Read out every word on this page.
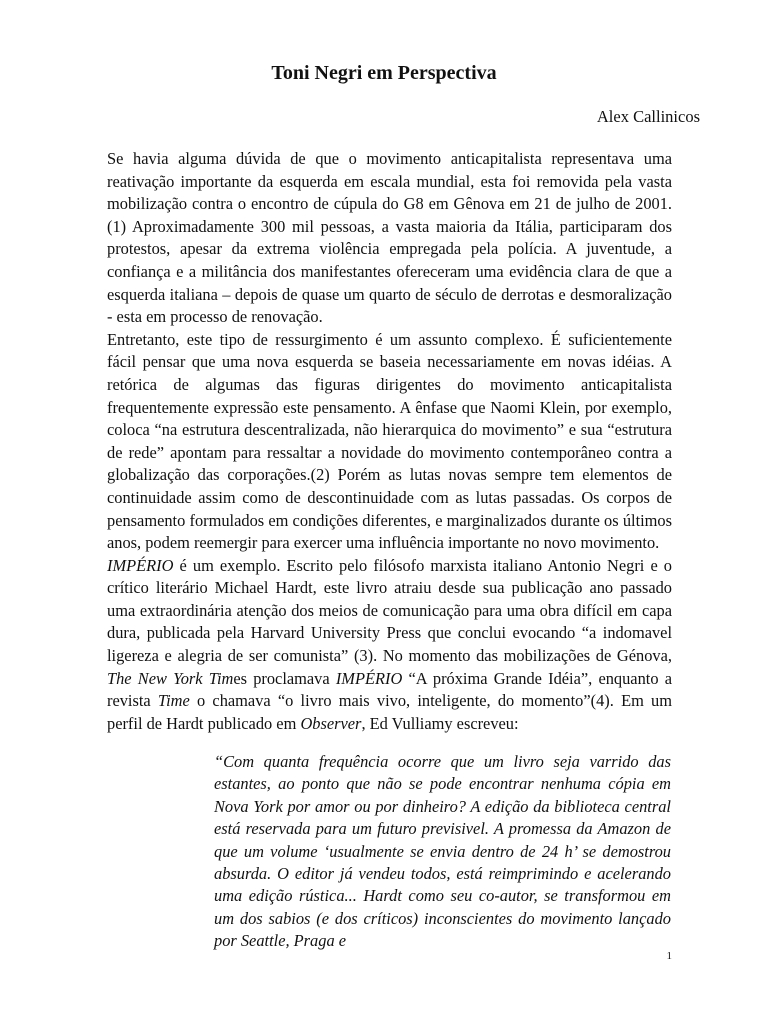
Toni Negri em Perspectiva

Alex Callinicos

Se havia alguma dúvida de que o movimento anticapitalista representava uma reativação importante da esquerda em escala mundial, esta foi removida pela vasta mobilização contra o encontro de cúpula do G8 em Gênova em 21 de julho de 2001.(1) Aproximadamente 300 mil pessoas, a vasta maioria da Itália, participaram dos protestos, apesar da extrema violência empregada pela polícia. A juventude, a confiança e a militância dos manifestantes ofereceram uma evidência clara de que a esquerda italiana – depois de quase um quarto de século de derrotas e desmoralização - esta em processo de renovação.

Entretanto, este tipo de ressurgimento é um assunto complexo. É suficientemente fácil pensar que uma nova esquerda se baseia necessariamente em novas idéias. A retórica de algumas das figuras dirigentes do movimento anticapitalista frequentemente expressão este pensamento. A ênfase que Naomi Klein, por exemplo, coloca “na estrutura descentralizada, não hierarquica do movimento” e sua “estrutura de rede” apontam para ressaltar a novidade do movimento contemporâneo contra a globalização das corporações.(2) Porém as lutas novas sempre tem elementos de continuidade assim como de descontinuidade com as lutas passadas. Os corpos de pensamento formulados em condições diferentes, e marginalizados durante os últimos anos, podem reemergir para exercer uma influência importante no novo movimento.

IMPÉRIO é um exemplo. Escrito pelo filósofo marxista italiano Antonio Negri e o crítico literário Michael Hardt, este livro atraiu desde sua publicação ano passado uma extraordinária atenção dos meios de comunicação para uma obra difícil em capa dura, publicada pela Harvard University Press que conclui evocando “a indomavel ligereza e alegria de ser comunista” (3). No momento das mobilizações de Génova, The New York Times proclamava IMPÉRIO “A próxima Grande Idéia”, enquanto a revista Time o chamava “o livro mais vivo, inteligente, do momento”(4). Em um perfil de Hardt publicado em Observer, Ed Vulliamy escreveu:

“Com quanta frequência ocorre que um livro seja varrido das estantes, ao ponto que não se pode encontrar nenhuma cópia em Nova York por amor ou por dinheiro? A edição da biblioteca central está reservada para um futuro previsivel. A promessa da Amazon de que um volume ‘usualmente se envia dentro de 24 h’ se demostrou absurda. O editor já vendeu todos, está reimprimindo e acelerando uma edição rústica... Hardt como seu co-autor, se transformou em um dos sabios (e dos críticos) inconscientes do movimento lançado por Seattle, Praga e

1
